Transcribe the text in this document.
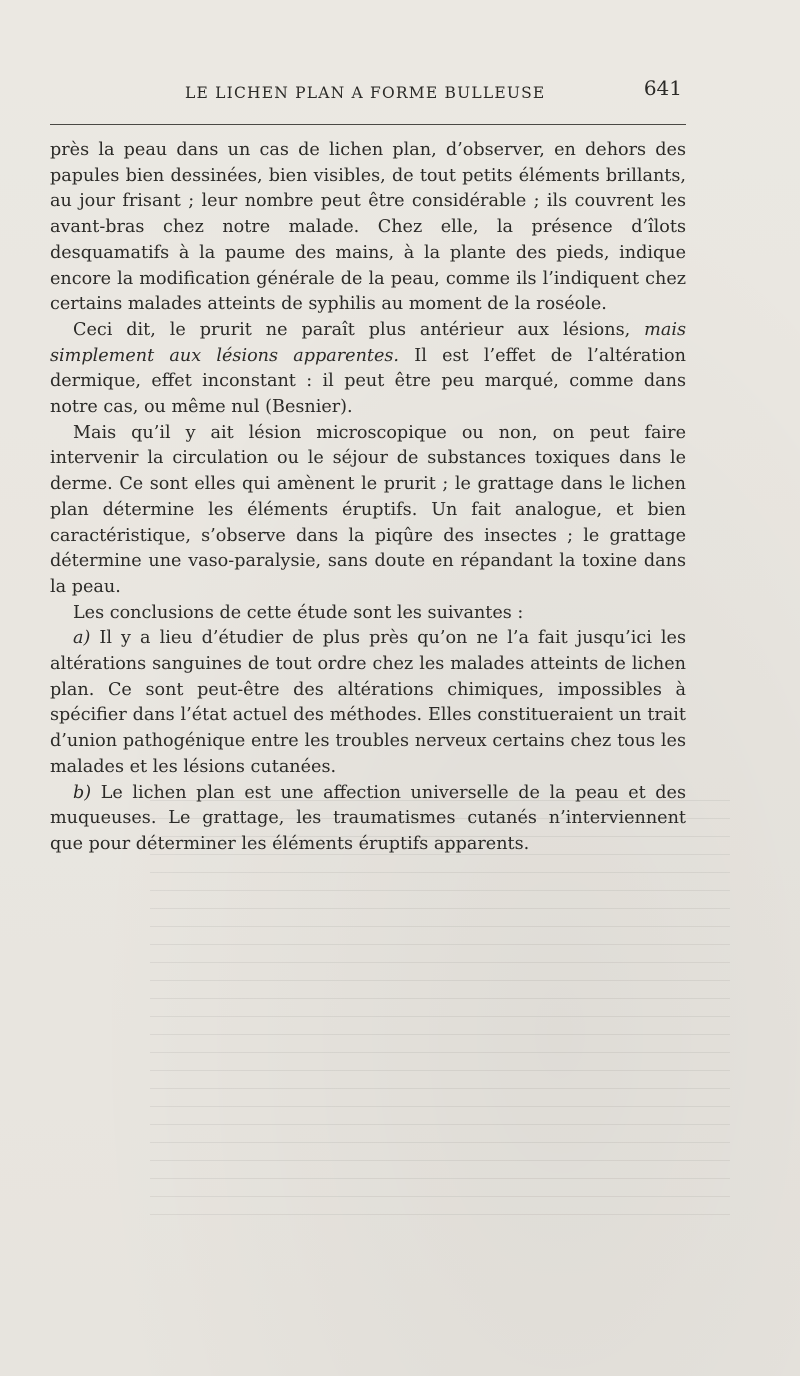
LE LICHEN PLAN A FORME BULLEUSE	641

près la peau dans un cas de lichen plan, d’observer, en dehors des papules bien dessinées, bien visibles, de tout petits éléments brillants, au jour frisant ; leur nombre peut être considérable ; ils couvrent les avant-bras chez notre malade. Chez elle, la présence d’îlots desquamatifs à la paume des mains, à la plante des pieds, indique encore la modification générale de la peau, comme ils l’indiquent chez certains malades atteints de syphilis au moment de la roséole.

Ceci dit, le prurit ne paraît plus antérieur aux lésions, mais simplement aux lésions apparentes. Il est l’effet de l’altération dermique, effet inconstant : il peut être peu marqué, comme dans notre cas, ou même nul (Besnier).

Mais qu’il y ait lésion microscopique ou non, on peut faire intervenir la circulation ou le séjour de substances toxiques dans le derme. Ce sont elles qui amènent le prurit ; le grattage dans le lichen plan détermine les éléments éruptifs. Un fait analogue, et bien caractéristique, s’observe dans la piqûre des insectes ; le grattage détermine une vaso-paralysie, sans doute en répandant la toxine dans la peau.

Les conclusions de cette étude sont les suivantes :

a) Il y a lieu d’étudier de plus près qu’on ne l’a fait jusqu’ici les altérations sanguines de tout ordre chez les malades atteints de lichen plan. Ce sont peut-être des altérations chimiques, impossibles à spécifier dans l’état actuel des méthodes. Elles constitueraient un trait d’union pathogénique entre les troubles nerveux certains chez tous les malades et les lésions cutanées.

b) Le lichen plan est une affection universelle de la peau et des muqueuses. Le grattage, les traumatismes cutanés n’interviennent que pour déterminer les éléments éruptifs apparents.
